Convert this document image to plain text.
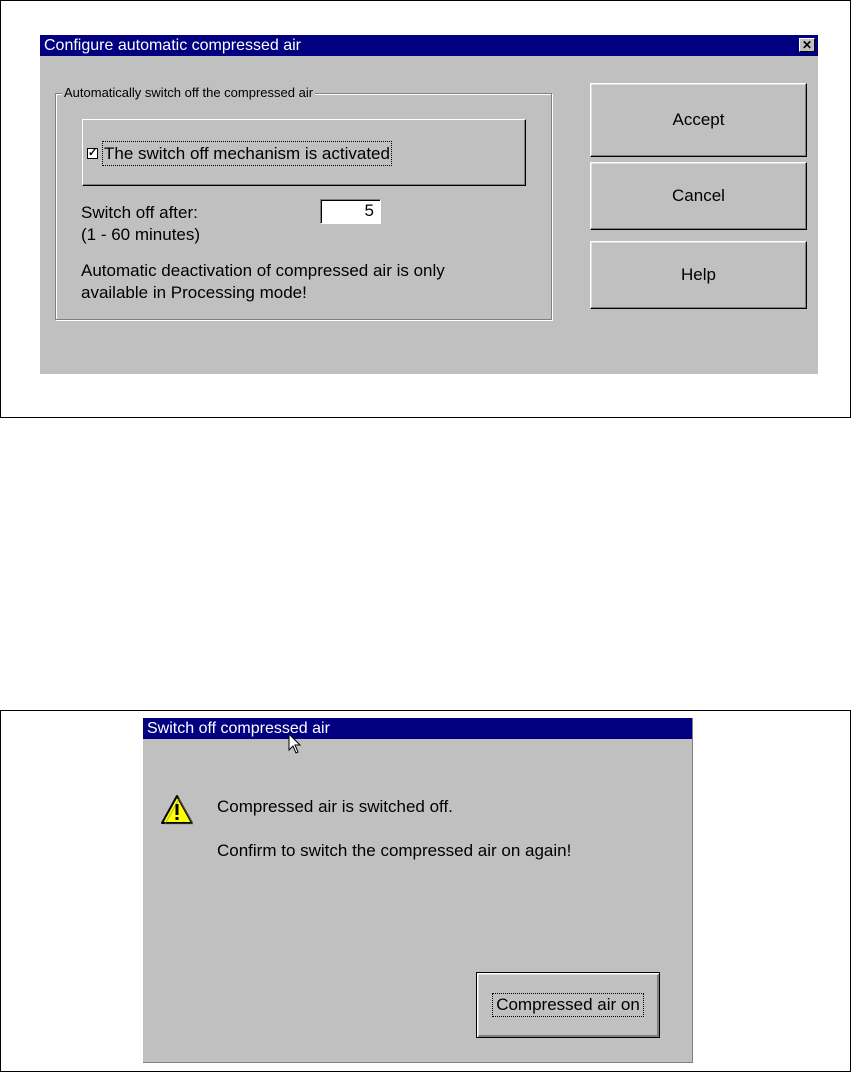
Configure automatic compressed air	✕
Automatically switch off the compressed air
✓ The switch off mechanism is activated
Switch off after:
(1 - 60 minutes)
5
Automatic deactivation of compressed air is only
available in Processing mode!
Accept
Cancel
Help
Switch off compressed air
Compressed air is switched off.
Confirm to switch the compressed air on again!
Compressed air on
